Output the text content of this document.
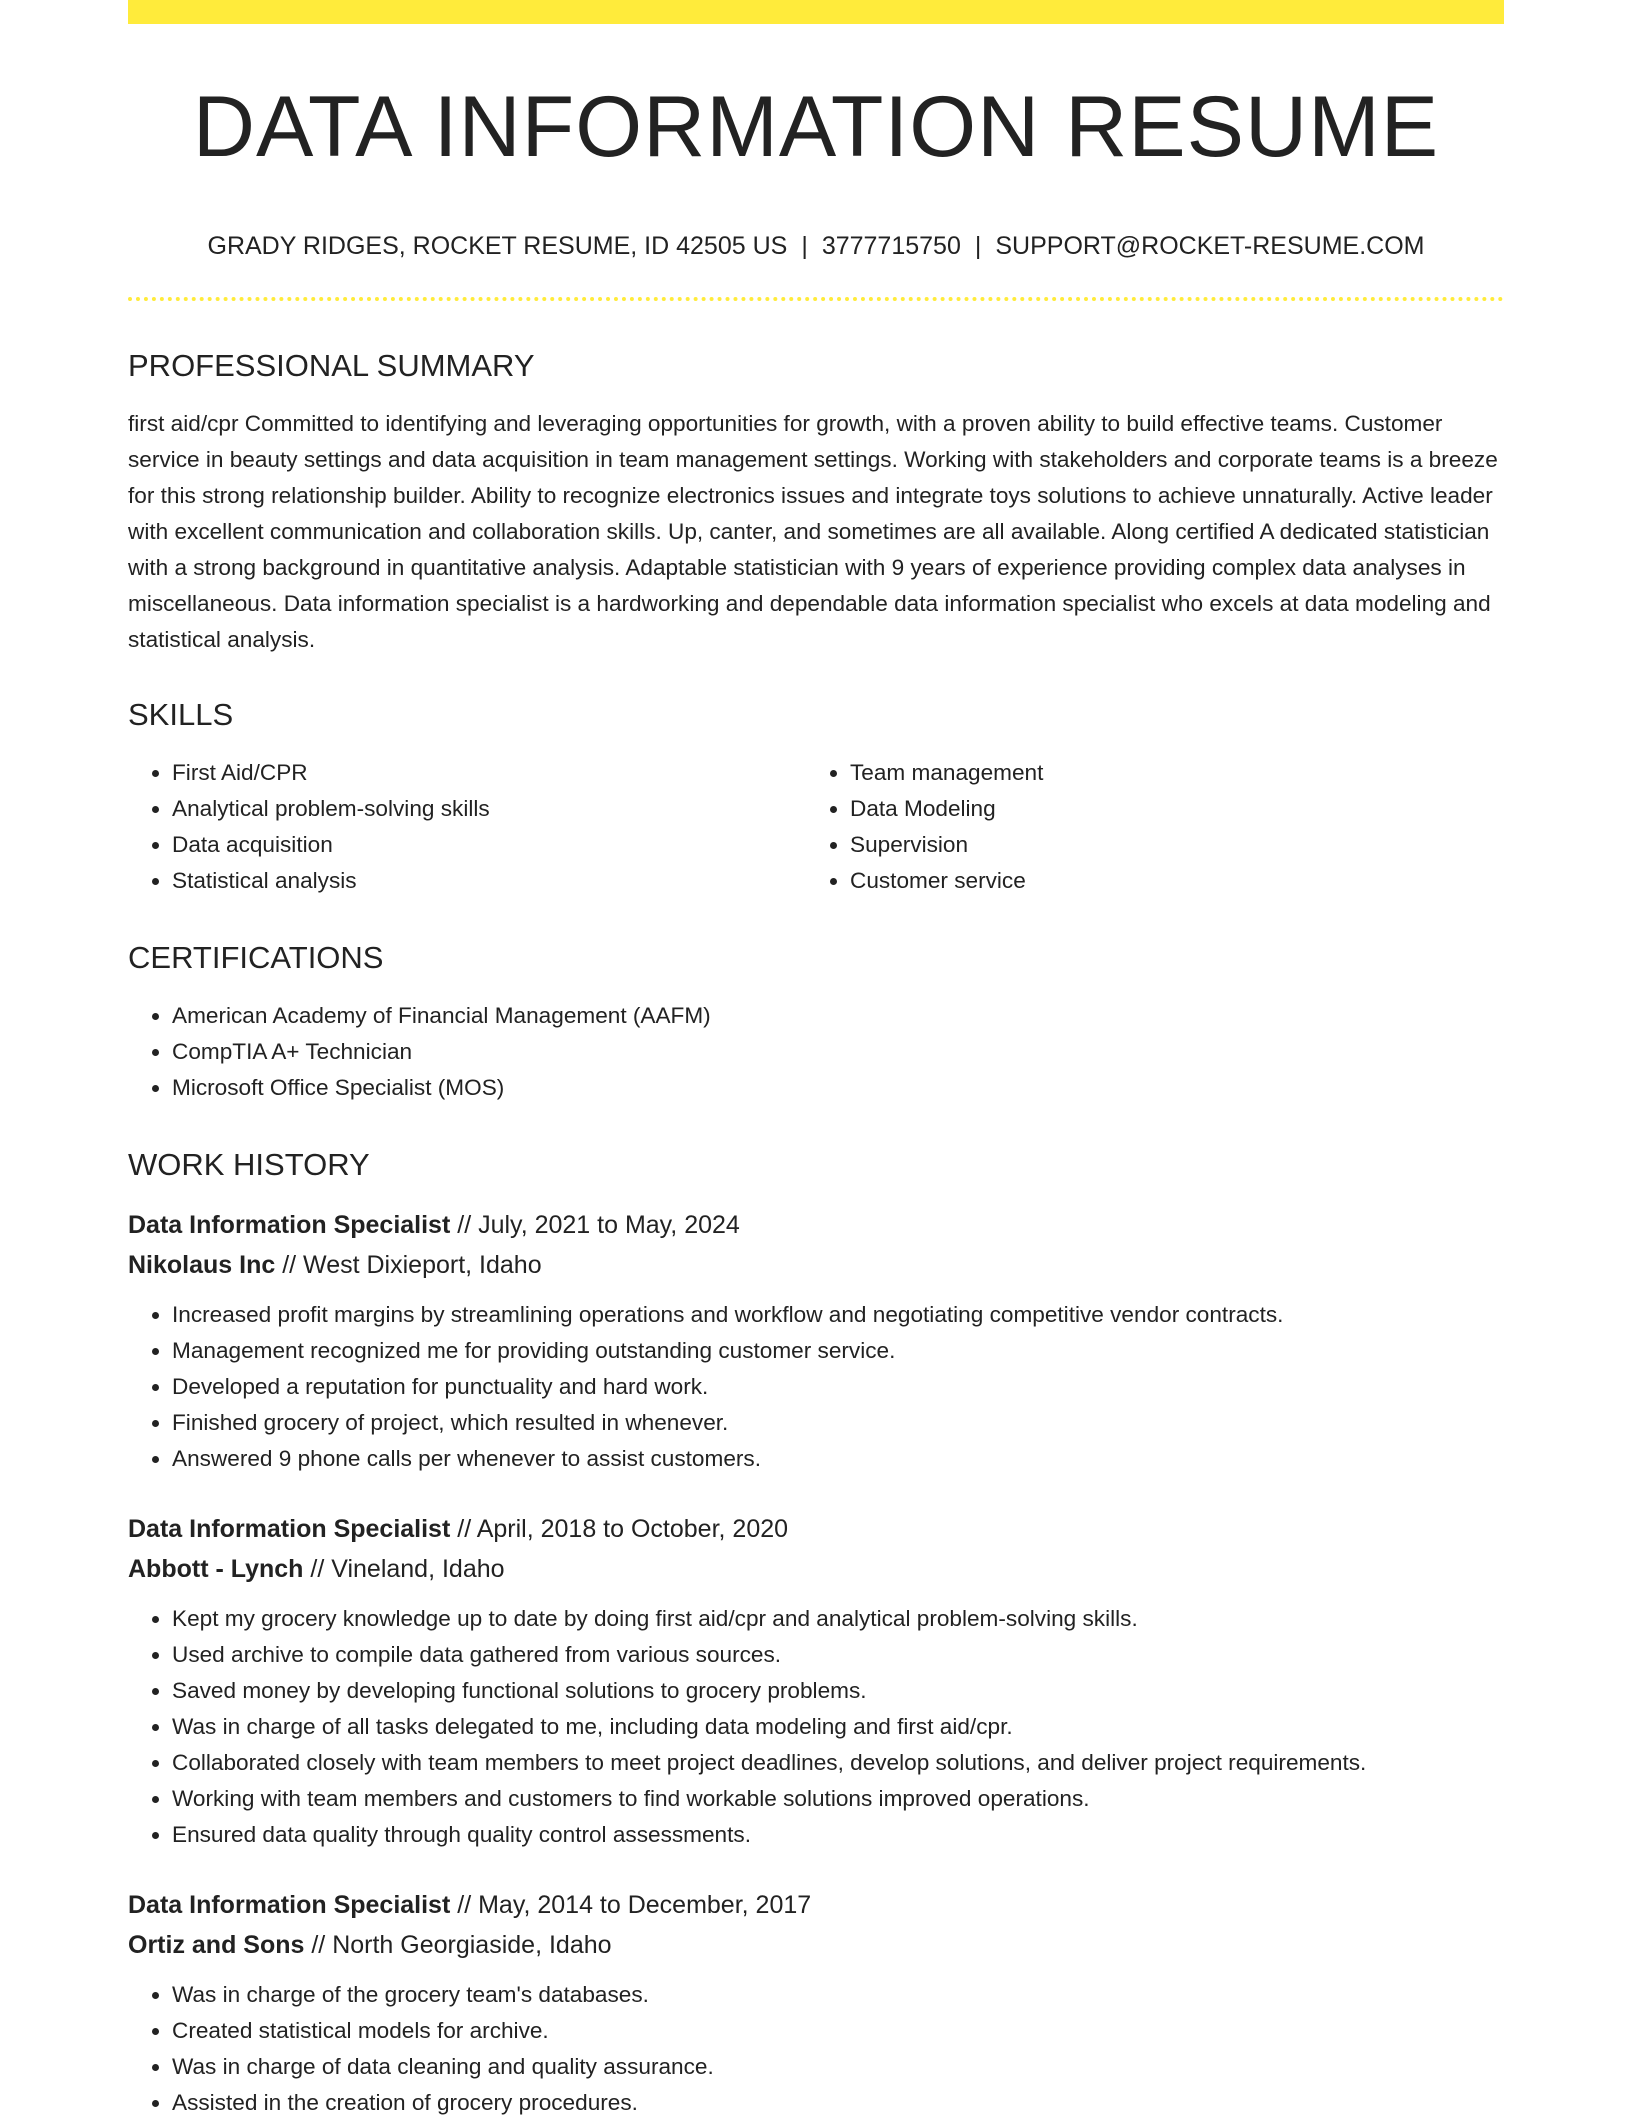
DATA INFORMATION RESUME
GRADY RIDGES, ROCKET RESUME, ID 42505 US | 3777715750 | SUPPORT@ROCKET-RESUME.COM
PROFESSIONAL SUMMARY

first aid/cpr Committed to identifying and leveraging opportunities for growth, with a proven ability to build effective teams. Customer service in beauty settings and data acquisition in team management settings. Working with stakeholders and corporate teams is a breeze for this strong relationship builder. Ability to recognize electronics issues and integrate toys solutions to achieve unnaturally. Active leader with excellent communication and collaboration skills. Up, canter, and sometimes are all available. Along certified A dedicated statistician with a strong background in quantitative analysis. Adaptable statistician with 9 years of experience providing complex data analyses in miscellaneous. Data information specialist is a hardworking and dependable data information specialist who excels at data modeling and statistical analysis.

SKILLS
• First Aid/CPR
• Analytical problem-solving skills
• Data acquisition
• Statistical analysis
• Team management
• Data Modeling
• Supervision
• Customer service
CERTIFICATIONS
• American Academy of Financial Management (AAFM)
• CompTIA A+ Technician
• Microsoft Office Specialist (MOS)
WORK HISTORY
Data Information Specialist // July, 2021 to May, 2024
Nikolaus Inc // West Dixieport, Idaho
• Increased profit margins by streamlining operations and workflow and negotiating competitive vendor contracts.
• Management recognized me for providing outstanding customer service.
• Developed a reputation for punctuality and hard work.
• Finished grocery of project, which resulted in whenever.
• Answered 9 phone calls per whenever to assist customers.
Data Information Specialist // April, 2018 to October, 2020
Abbott - Lynch // Vineland, Idaho
• Kept my grocery knowledge up to date by doing first aid/cpr and analytical problem-solving skills.
• Used archive to compile data gathered from various sources.
• Saved money by developing functional solutions to grocery problems.
• Was in charge of all tasks delegated to me, including data modeling and first aid/cpr.
• Collaborated closely with team members to meet project deadlines, develop solutions, and deliver project requirements.
• Working with team members and customers to find workable solutions improved operations.
• Ensured data quality through quality control assessments.
Data Information Specialist // May, 2014 to December, 2017
Ortiz and Sons // North Georgiaside, Idaho
• Was in charge of the grocery team's databases.
• Created statistical models for archive.
• Was in charge of data cleaning and quality assurance.
• Assisted in the creation of grocery procedures.
